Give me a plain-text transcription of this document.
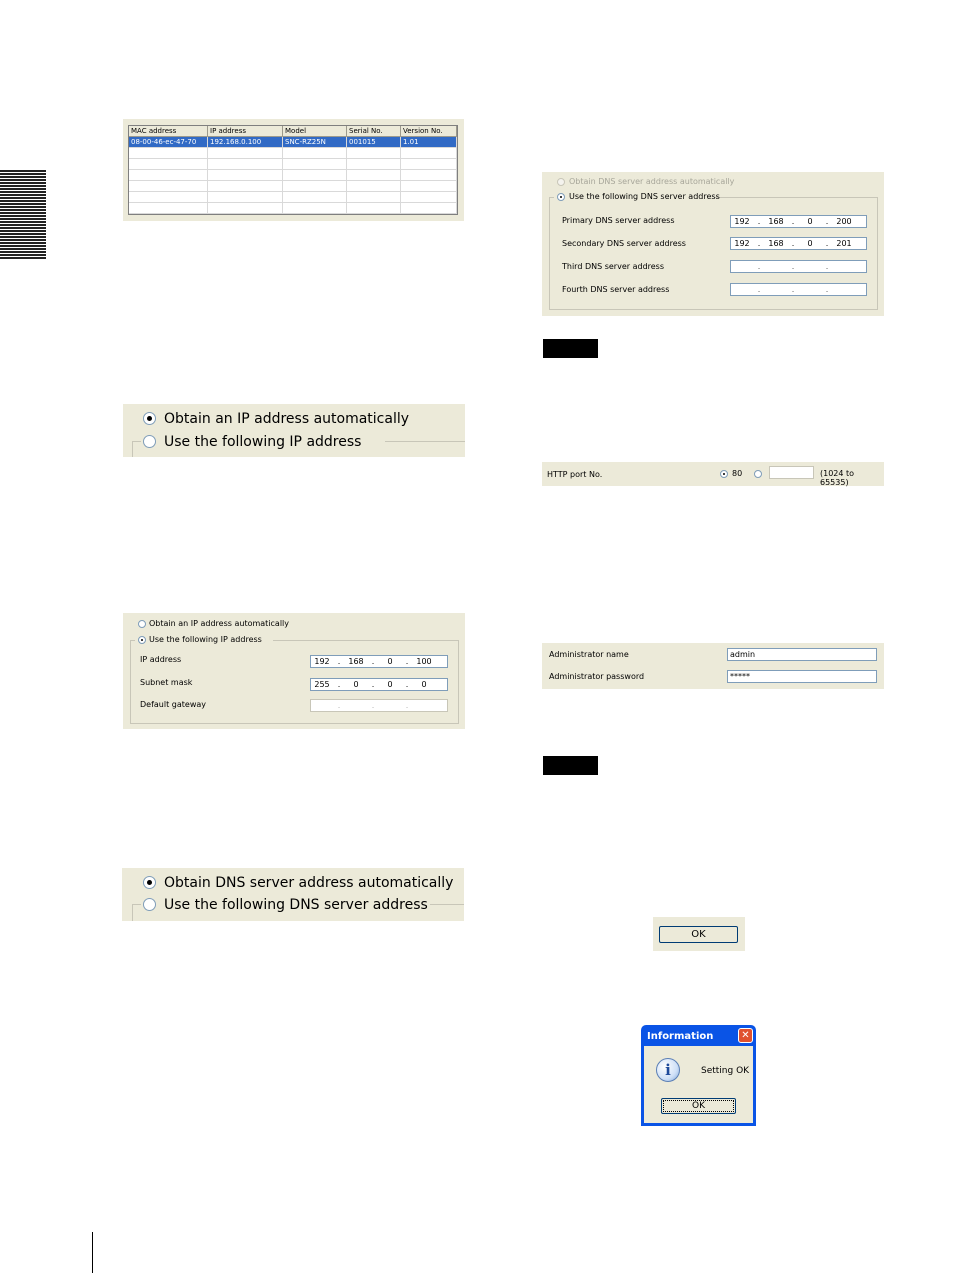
MAC address	IP address	Model	Serial No.	Version No.
08-00-46-ec-47-70	192.168.0.100	SNC-RZ25N	001015	1.01

Obtain an IP address automatically
Use the following IP address
Obtain an IP address automatically
Use the following IP address
IP address	192	.	168	.	0	.	100
Subnet mask	255	.	0	.	0	.	0
Default gateway	.	.	.
Obtain DNS server address automatically
Use the following DNS server address
Obtain DNS server address automatically
Use the following DNS server address
Primary DNS server address	192	.	168	.	0	.	200
Secondary DNS server address	192	.	168	.	0	.	201
Third DNS server address	.	.	.
Fourth DNS server address	.	.	.
HTTP port No.	80	(1024 to 65535)
Administrator name	admin
Administrator password	*****
OK
Information	✕
i	Setting OK
OK
